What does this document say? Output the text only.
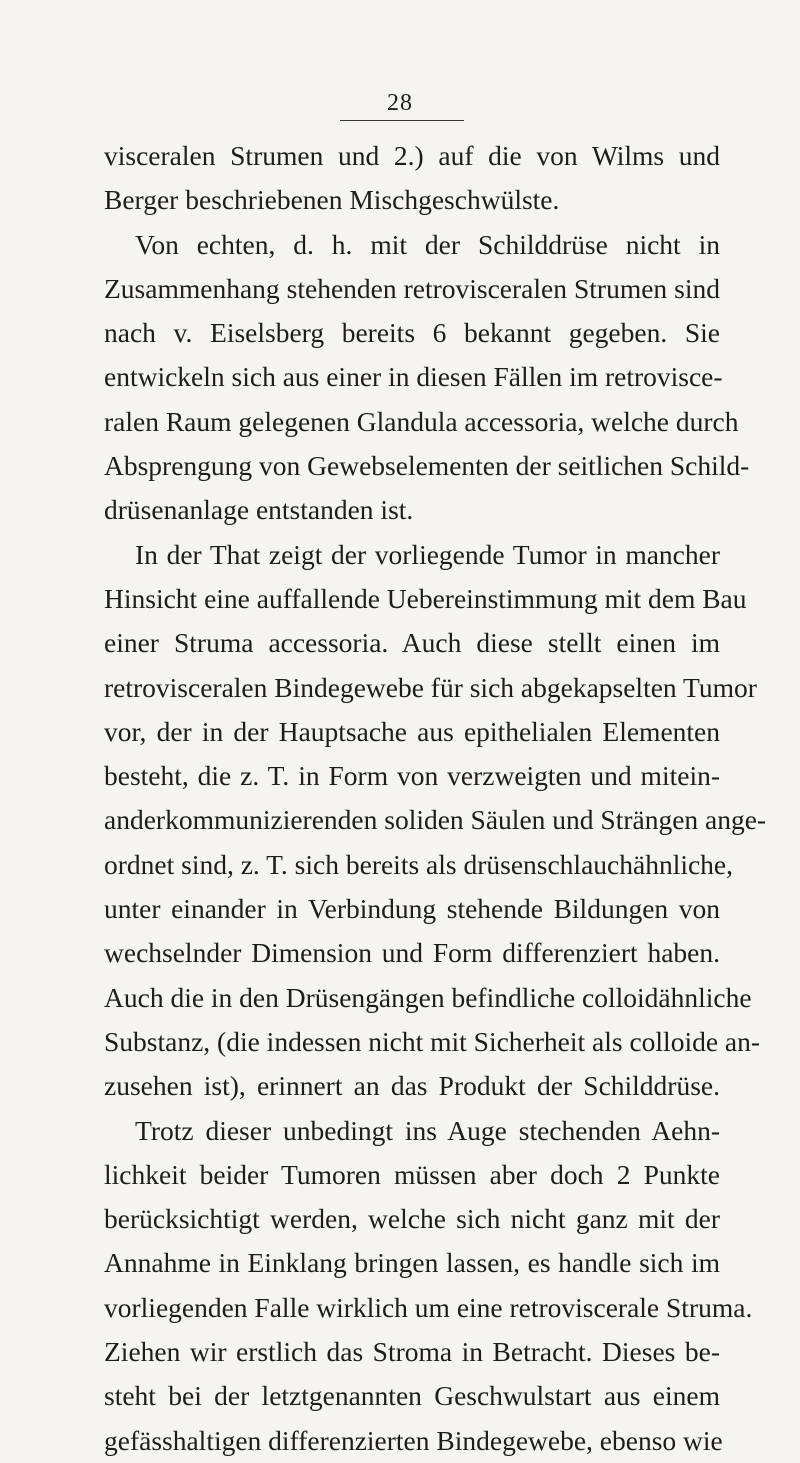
28
visceralen Strumen und 2.) auf die von Wilms und
Berger beschriebenen Mischgeschwülste.
Von echten, d. h. mit der Schilddrüse nicht in
Zusammenhang stehenden retrovisceralen Strumen sind
nach v. Eiselsberg bereits 6 bekannt gegeben. Sie
entwickeln sich aus einer in diesen Fällen im retrovisce-
ralen Raum gelegenen Glandula accessoria, welche durch
Absprengung von Gewebselementen der seitlichen Schild-
drüsenanlage entstanden ist.
In der That zeigt der vorliegende Tumor in mancher
Hinsicht eine auffallende Uebereinstimmung mit dem Bau
einer Struma accessoria. Auch diese stellt einen im
retrovisceralen Bindegewebe für sich abgekapselten Tumor
vor, der in der Hauptsache aus epithelialen Elementen
besteht, die z. T. in Form von verzweigten und mitein-
anderkommunizierenden soliden Säulen und Strängen ange-
ordnet sind, z. T. sich bereits als drüsenschlauchähnliche,
unter einander in Verbindung stehende Bildungen von
wechselnder Dimension und Form differenziert haben.
Auch die in den Drüsengängen befindliche colloidähnliche
Substanz, (die indessen nicht mit Sicherheit als colloide an-
zusehen ist), erinnert an das Produkt der Schilddrüse.
Trotz dieser unbedingt ins Auge stechenden Aehn-
lichkeit beider Tumoren müssen aber doch 2 Punkte
berücksichtigt werden, welche sich nicht ganz mit der
Annahme in Einklang bringen lassen, es handle sich im
vorliegenden Falle wirklich um eine retroviscerale Struma.
Ziehen wir erstlich das Stroma in Betracht. Dieses be-
steht bei der letztgenannten Geschwulstart aus einem
gefässhaltigen differenzierten Bindegewebe, ebenso wie
